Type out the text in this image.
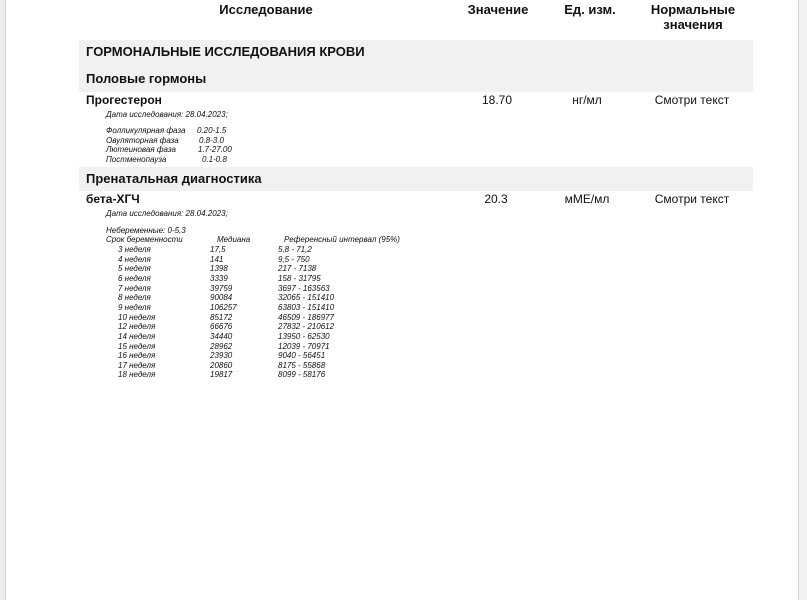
Исследование	Значение	Ед. изм.	Нормальные
значения
ГОРМОНАЛЬНЫЕ ИССЛЕДОВАНИЯ КРОВИ
Половые гормоны
Прогестерон	18.70	нг/мл	Смотри текст
Дата исследования: 28.04.2023;
Фолликулярная фаза 0.20-1.5
Овуляторная фаза	0.8-3.0
Лютеиновая фаза	1.7-27.00
Постменопауза	0.1-0.8
Пренатальная диагностика
бета-ХГЧ	20.3	мМЕ/мл	Смотри текст
Дата исследования: 28.04.2023;
Небеременные: 0-5,3
Срок беременности	Медиана	Референсный интервал (95%)
3 неделя	17,5	5,8 - 71,2
4 неделя	141	9,5 - 750
5 неделя	1398	217 - 7138
6 неделя	3339	158 - 31795
7 неделя	39759	3697 - 163563
8 неделя	90084	32065 - 151410
9 неделя	106257	63803 - 151410
10 неделя	85172	46509 - 186977
12 неделя	66676	27832 - 210612
14 неделя	34440	13950 - 62530
15 неделя	28962	12039 - 70971
16 неделя	23930	9040 - 56451
17 неделя	20860	8175 - 55868
18 неделя	19817	8099 - 58176
